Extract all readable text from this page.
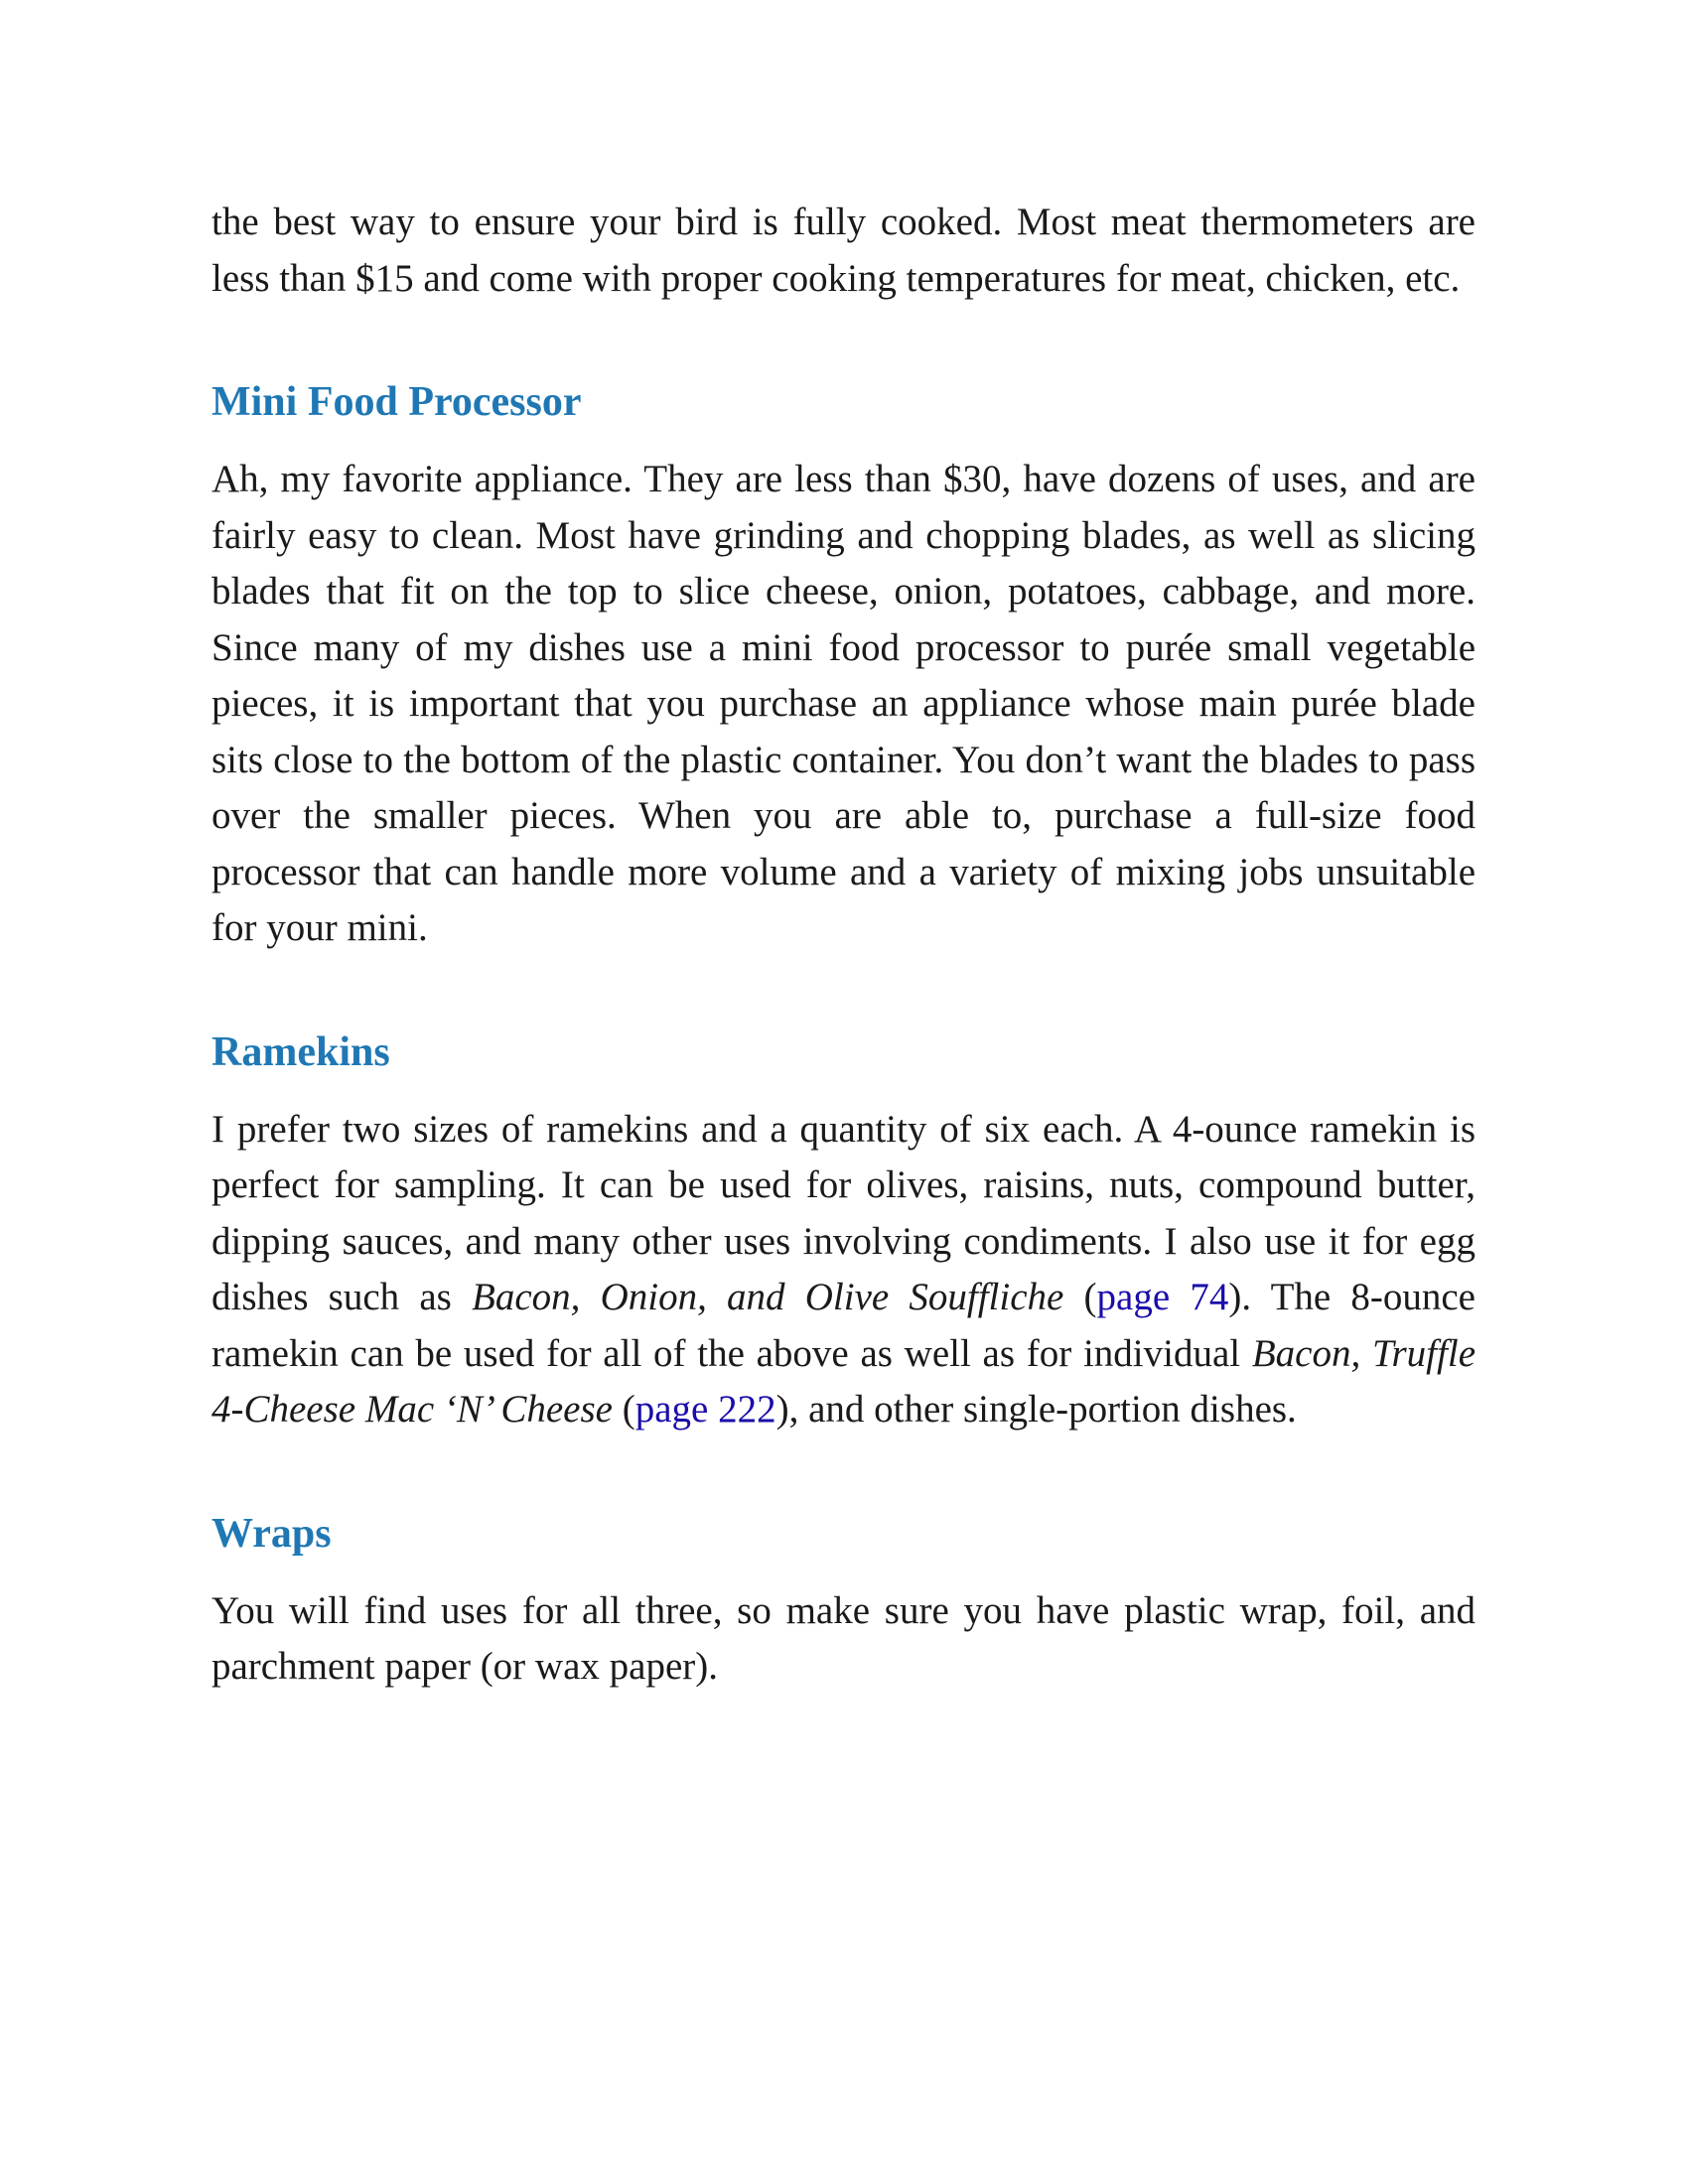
the best way to ensure your bird is fully cooked. Most meat thermometers are less than $15 and come with proper cooking temperatures for meat, chicken, etc.

Mini Food Processor

Ah, my favorite appliance. They are less than $30, have dozens of uses, and are fairly easy to clean. Most have grinding and chopping blades, as well as slicing blades that fit on the top to slice cheese, onion, potatoes, cabbage, and more. Since many of my dishes use a mini food processor to purée small vegetable pieces, it is important that you purchase an appliance whose main purée blade sits close to the bottom of the plastic container. You don’t want the blades to pass over the smaller pieces. When you are able to, purchase a full-size food processor that can handle more volume and a variety of mixing jobs unsuitable for your mini.

Ramekins

I prefer two sizes of ramekins and a quantity of six each. A 4-ounce ramekin is perfect for sampling. It can be used for olives, raisins, nuts, compound butter, dipping sauces, and many other uses involving condiments. I also use it for egg dishes such as Bacon, Onion, and Olive Souffliche (page 74). The 8-ounce ramekin can be used for all of the above as well as for individual Bacon, Truffle 4-Cheese Mac ‘N’ Cheese (page 222), and other single-portion dishes.

Wraps

You will find uses for all three, so make sure you have plastic wrap, foil, and parchment paper (or wax paper).
